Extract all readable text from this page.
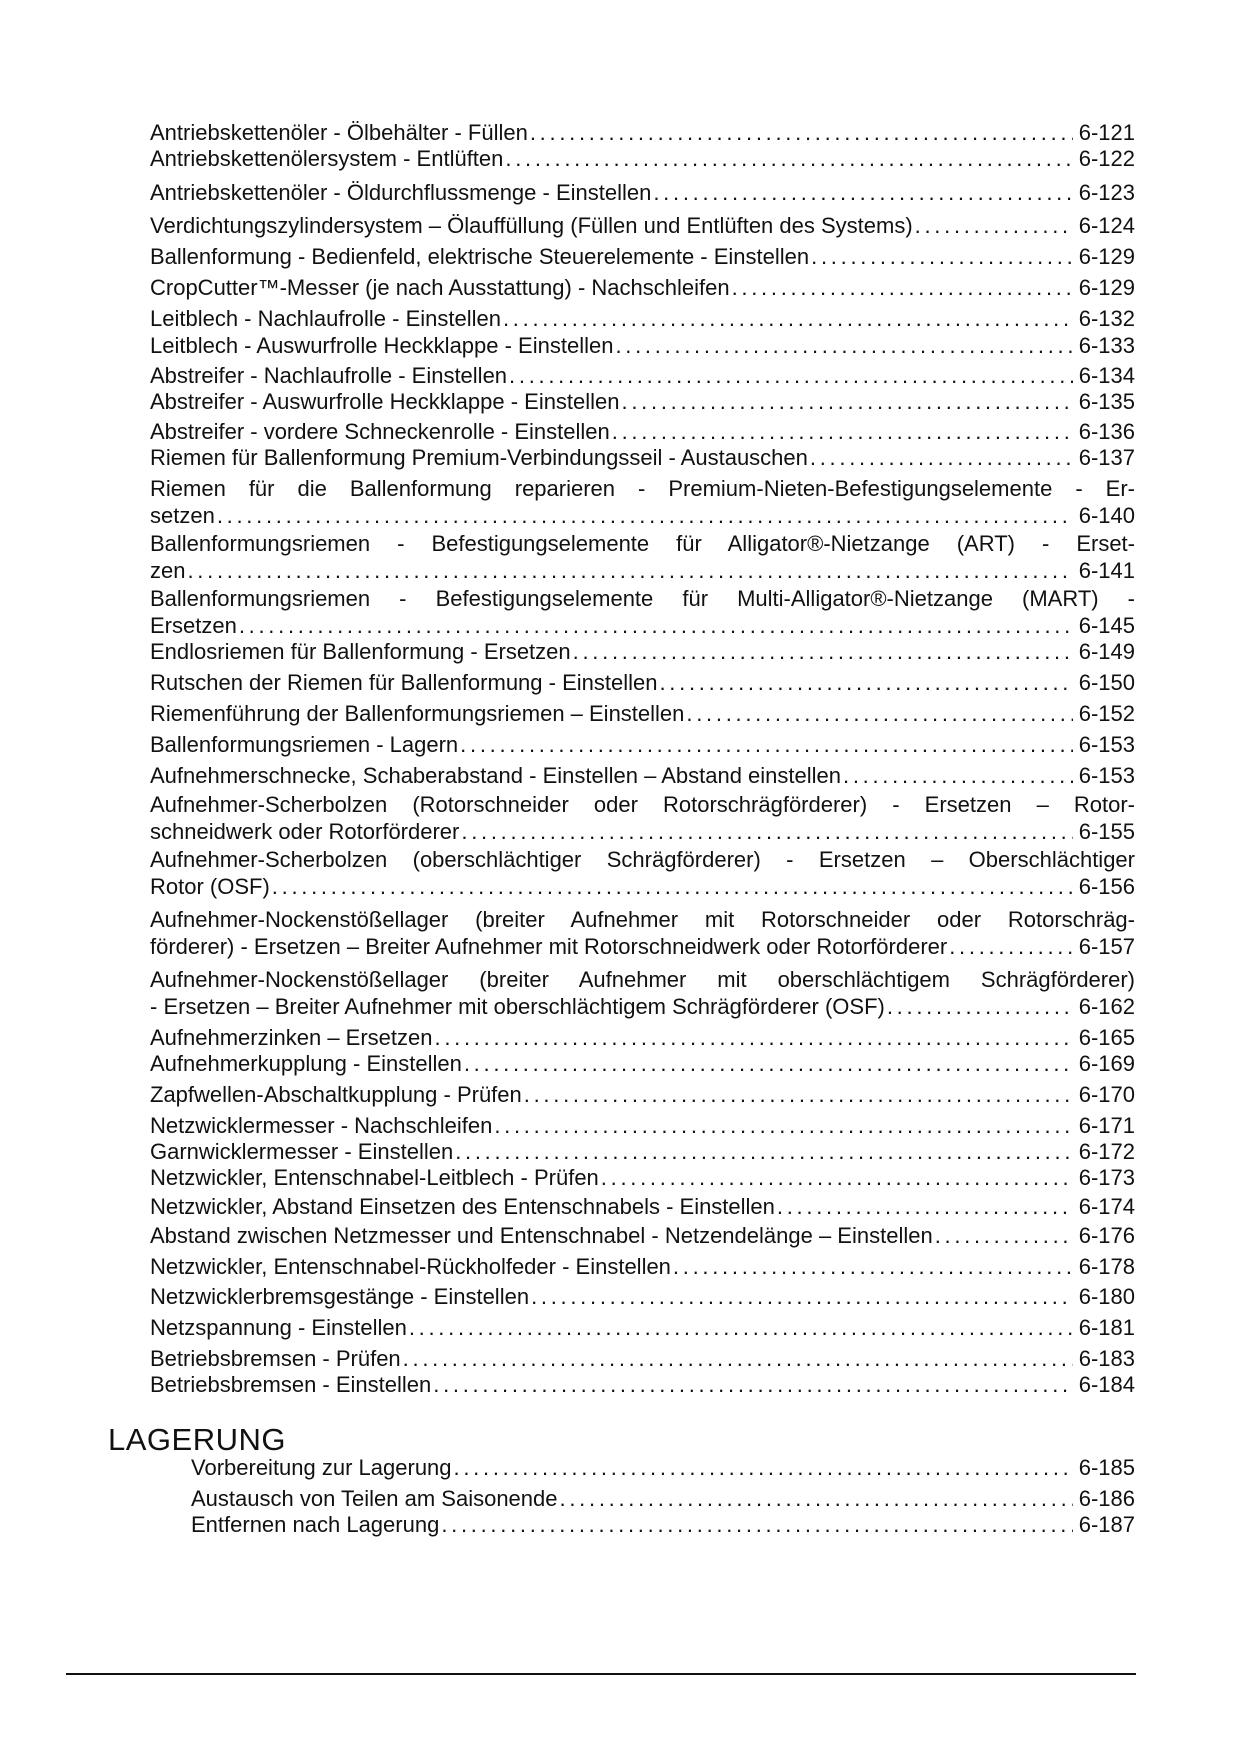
Antriebskettenöler - Ölbehälter - Füllen . . .	6-121
Antriebskettenölersystem - Entlüften . . .	6-122
Antriebskettenöler - Öldurchflussmenge - Einstellen . . .	6-123
Verdichtungszylindersystem – Ölauffüllung (Füllen und Entlüften des Systems) . . .	6-124
Ballenformung - Bedienfeld, elektrische Steuerelemente - Einstellen . . .	6-129
CropCutter™-Messer (je nach Ausstattung) - Nachschleifen . . .	6-129
Leitblech - Nachlaufrolle - Einstellen . . .	6-132
Leitblech - Auswurfrolle Heckklappe - Einstellen . . .	6-133
Abstreifer - Nachlaufrolle - Einstellen . . .	6-134
Abstreifer - Auswurfrolle Heckklappe - Einstellen . . .	6-135
Abstreifer - vordere Schneckenrolle - Einstellen . . .	6-136
Riemen für Ballenformung Premium-Verbindungsseil - Austauschen . . .	6-137
Riemen für die Ballenformung reparieren - Premium-Nieten-Befestigungselemente - Er-
setzen . . .	6-140
Ballenformungsriemen - Befestigungselemente für Alligator®-Nietzange (ART) - Erset-
zen . . .	6-141
Ballenformungsriemen - Befestigungselemente für Multi-Alligator®-Nietzange (MART) -
Ersetzen . . .	6-145
Endlosriemen für Ballenformung - Ersetzen . . .	6-149
Rutschen der Riemen für Ballenformung - Einstellen . . .	6-150
Riemenführung der Ballenformungsriemen – Einstellen . . .	6-152
Ballenformungsriemen - Lagern . . .	6-153
Aufnehmerschnecke, Schaberabstand - Einstellen – Abstand einstellen . . .	6-153
Aufnehmer-Scherbolzen (Rotorschneider oder Rotorschrägförderer) - Ersetzen – Rotor-
schneidwerk oder Rotorförderer . . .	6-155
Aufnehmer-Scherbolzen (oberschlächtiger Schrägförderer) - Ersetzen – Oberschlächtiger
Rotor (OSF) . . .	6-156
Aufnehmer-Nockenstößellager (breiter Aufnehmer mit Rotorschneider oder Rotorschräg-
förderer) - Ersetzen – Breiter Aufnehmer mit Rotorschneidwerk oder Rotorförderer . . .	6-157
Aufnehmer-Nockenstößellager (breiter Aufnehmer mit oberschlächtigem Schrägförderer)
- Ersetzen – Breiter Aufnehmer mit oberschlächtigem Schrägförderer (OSF) . . .	6-162
Aufnehmerzinken – Ersetzen . . .	6-165
Aufnehmerkupplung - Einstellen . . .	6-169
Zapfwellen-Abschaltkupplung - Prüfen . . .	6-170
Netzwicklermesser - Nachschleifen . . .	6-171
Garnwicklermesser - Einstellen . . .	6-172
Netzwickler, Entenschnabel-Leitblech - Prüfen . . .	6-173
Netzwickler, Abstand Einsetzen des Entenschnabels - Einstellen . . .	6-174
Abstand zwischen Netzmesser und Entenschnabel - Netzendelänge – Einstellen . . .	6-176
Netzwickler, Entenschnabel-Rückholfeder - Einstellen . . .	6-178
Netzwicklerbremsgestänge - Einstellen . . .	6-180
Netzspannung - Einstellen . . .	6-181
Betriebsbremsen - Prüfen . . .	6-183
Betriebsbremsen - Einstellen . . .	6-184
LAGERUNG
Vorbereitung zur Lagerung . . .	6-185
Austausch von Teilen am Saisonende . . .	6-186
Entfernen nach Lagerung . . .	6-187
